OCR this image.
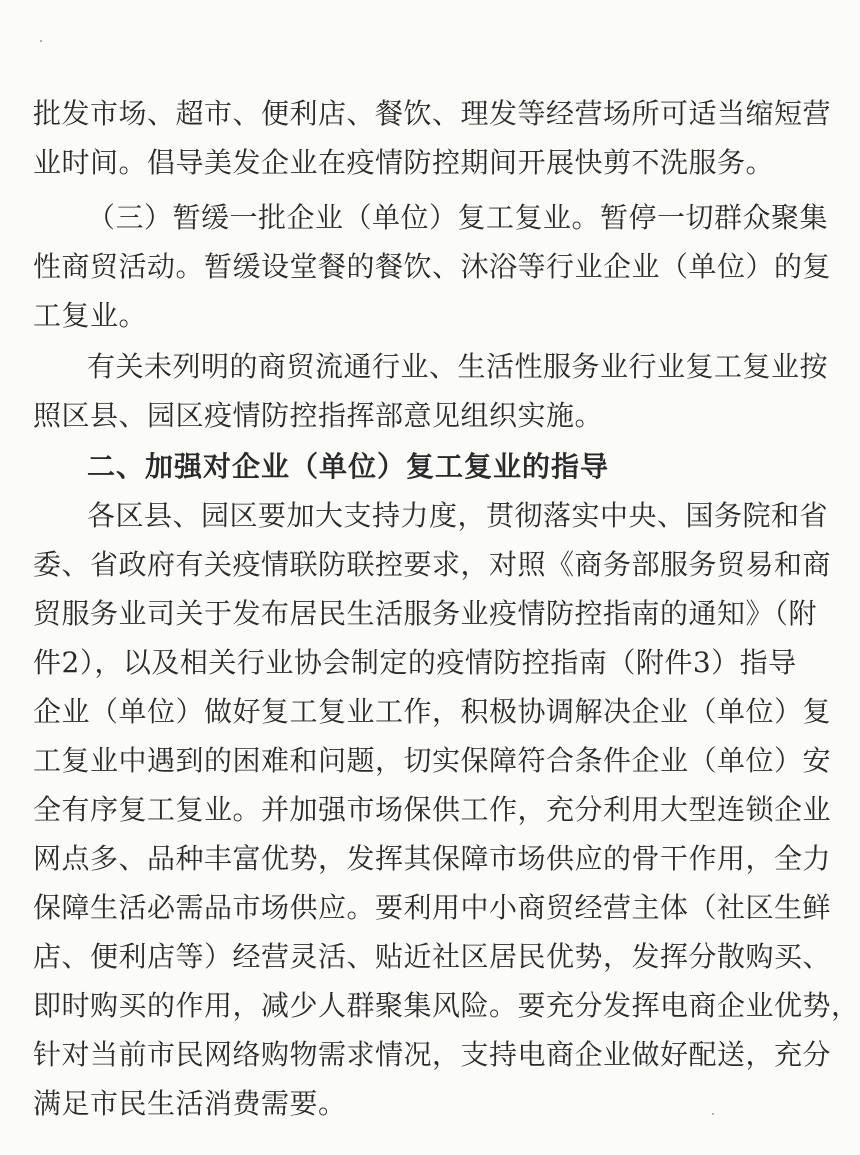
批发市场、超市、便利店、餐饮、理发等经营场所可适当缩短营
业时间。倡导美发企业在疫情防控期间开展快剪不洗服务。
（三）暂缓一批企业（单位）复工复业。暂停一切群众聚集
性商贸活动。暂缓设堂餐的餐饮、沐浴等行业企业（单位）的复
工复业。
有关未列明的商贸流通行业、生活性服务业行业复工复业按
照区县、园区疫情防控指挥部意见组织实施。
二、加强对企业（单位）复工复业的指导
各区县、园区要加大支持力度，贯彻落实中央、国务院和省
委、省政府有关疫情联防联控要求，对照《商务部服务贸易和商
贸服务业司关于发布居民生活服务业疫情防控指南的通知》（附
件2），以及相关行业协会制定的疫情防控指南（附件3）指导
企业（单位）做好复工复业工作，积极协调解决企业（单位）复
工复业中遇到的困难和问题，切实保障符合条件企业（单位）安
全有序复工复业。并加强市场保供工作，充分利用大型连锁企业
网点多、品种丰富优势，发挥其保障市场供应的骨干作用，全力
保障生活必需品市场供应。要利用中小商贸经营主体（社区生鲜
店、便利店等）经营灵活、贴近社区居民优势，发挥分散购买、
即时购买的作用，减少人群聚集风险。要充分发挥电商企业优势，
针对当前市民网络购物需求情况，支持电商企业做好配送，充分
满足市民生活消费需要。
